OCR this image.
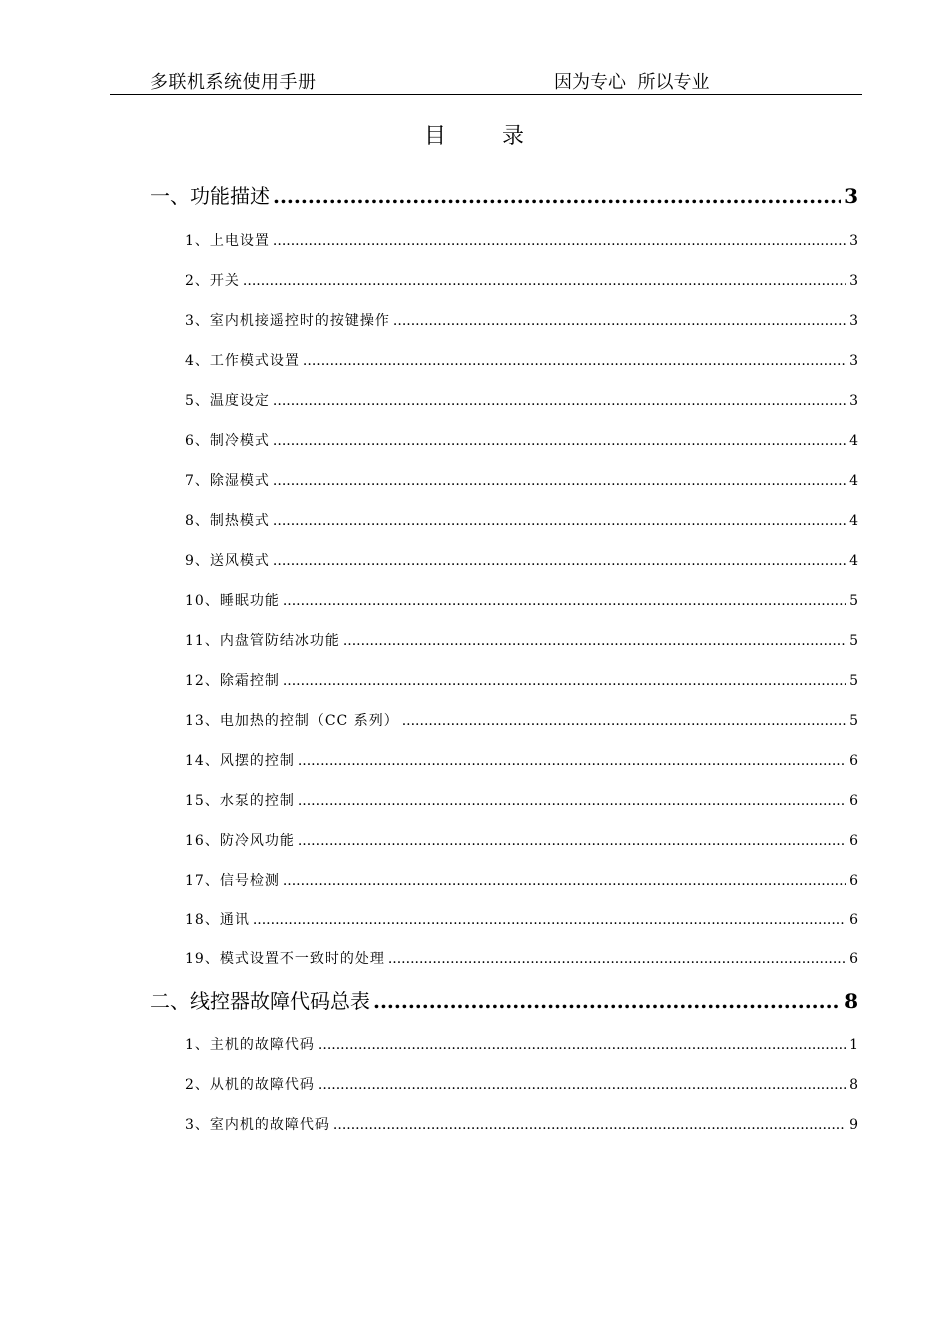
多联机系统使用手册	因为专心  所以专业
目      录
一、功能描述 .....	3
1、上电设置 .....	3
2、开关 .....	3
3、室内机接遥控时的按键操作 .....	3
4、工作模式设置 .....	3
5、温度设定 .....	3
6、制冷模式 .....	4
7、除湿模式 .....	4
8、制热模式 .....	4
9、送风模式 .....	4
10、睡眠功能 .....	5
11、内盘管防结冰功能 .....	5
12、除霜控制 .....	5
13、电加热的控制（CC 系列） .....	5
14、风摆的控制 .....	6
15、水泵的控制 .....	6
16、防冷风功能 .....	6
17、信号检测 .....	6
18、通讯 .....	6
19、模式设置不一致时的处理 .....	6
二、线控器故障代码总表 .....	8
1、主机的故障代码 .....	1
2、从机的故障代码 .....	8
3、室内机的故障代码 .....	9
